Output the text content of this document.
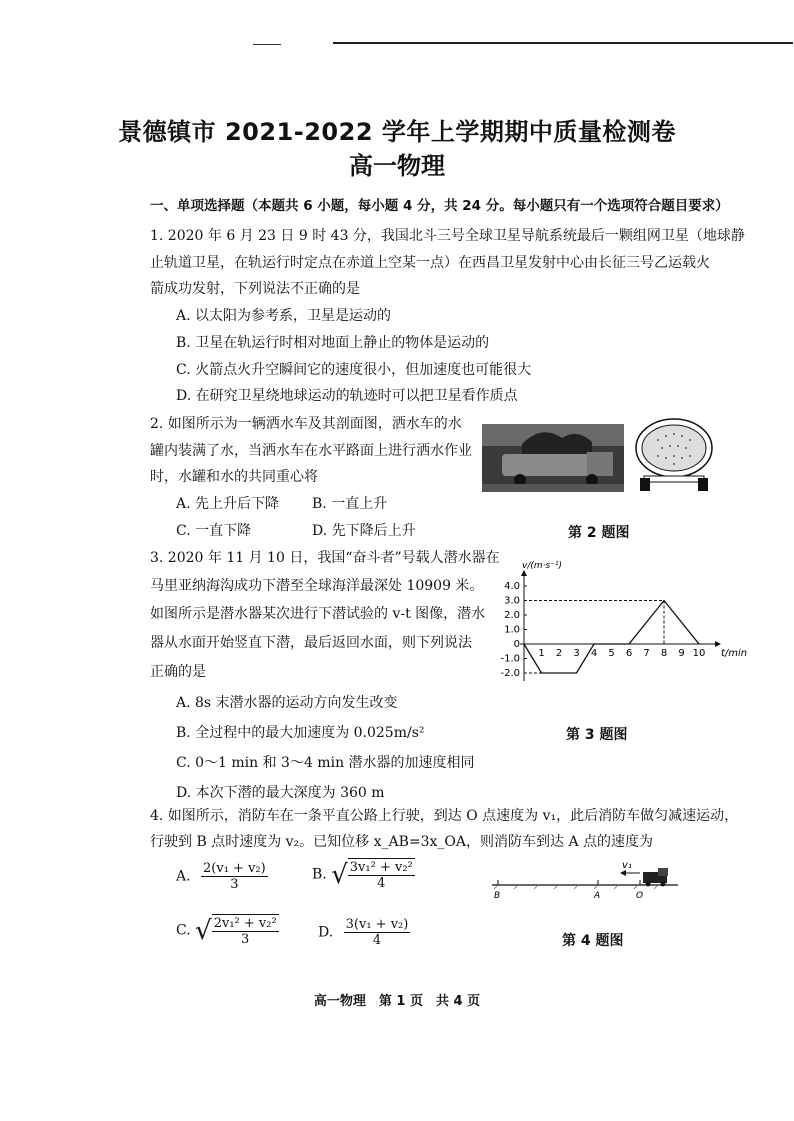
景德镇市 2021-2022 学年上学期期中质量检测卷
高一物理
一、单项选择题（本题共 6 小题，每小题 4 分，共 24 分。每小题只有一个选项符合题目要求）
1. 2020 年 6 月 23 日 9 时 43 分，我国北斗三号全球卫星导航系统最后一颗组网卫星（地球静
止轨道卫星，在轨运行时定点在赤道上空某一点）在西昌卫星发射中心由长征三号乙运载火
箭成功发射，下列说法不正确的是
A. 以太阳为参考系，卫星是运动的
B. 卫星在轨运行时相对地面上静止的物体是运动的
C. 火箭点火升空瞬间它的速度很小，但加速度也可能很大
D. 在研究卫星绕地球运动的轨迹时可以把卫星看作质点
2. 如图所示为一辆洒水车及其剖面图，洒水车的水
罐内装满了水，当洒水车在水平路面上进行洒水作业
时，水罐和水的共同重心将
A. 先上升后下降 B. 一直上升
C. 一直下降	D. 先下降后上升	第 2 题图
3. 2020 年 11 月 10 日，我国“奋斗者”号载人潜水器在
马里亚纳海沟成功下潜至全球海洋最深处 10909 米。
如图所示是潜水器某次进行下潜试验的 v-t 图像，潜水
器从水面开始竖直下潜，最后返回水面，则下列说法
正确的是
A. 8s 末潜水器的运动方向发生改变
B. 全过程中的最大加速度为 0.025m/s²
C. 0～1 min 和 3～4 min 潜水器的加速度相同
D. 本次下潜的最大深度为 360 m
4.0
3.0
2.0
1.0
0
-1.0
-2.0
1 2 3 4 5 6 7 8 9 10
v/(m·s⁻¹)
t/min
第 3 题图
4. 如图所示，消防车在一条平直公路上行驶，到达 O 点速度为 v₁，此后消防车做匀减速运动，
行驶到 B 点时速度为 v₂。已知位移 x_AB=3x_OA，则消防车到达 A 点的速度为
A. $\frac{\text{2(v₁ + v₂)}}{3}$	B. √ $\frac{\text{3v₁² + v₂²}}{4}$
C. √ $\frac{\text{2v₁² + v₂²}}{3}$	D. $\frac{\text{3(v₁ + v₂)}}{4}$
v₁
B	A	O
第 4 题图
高一物理　第 1 页　共 4 页
